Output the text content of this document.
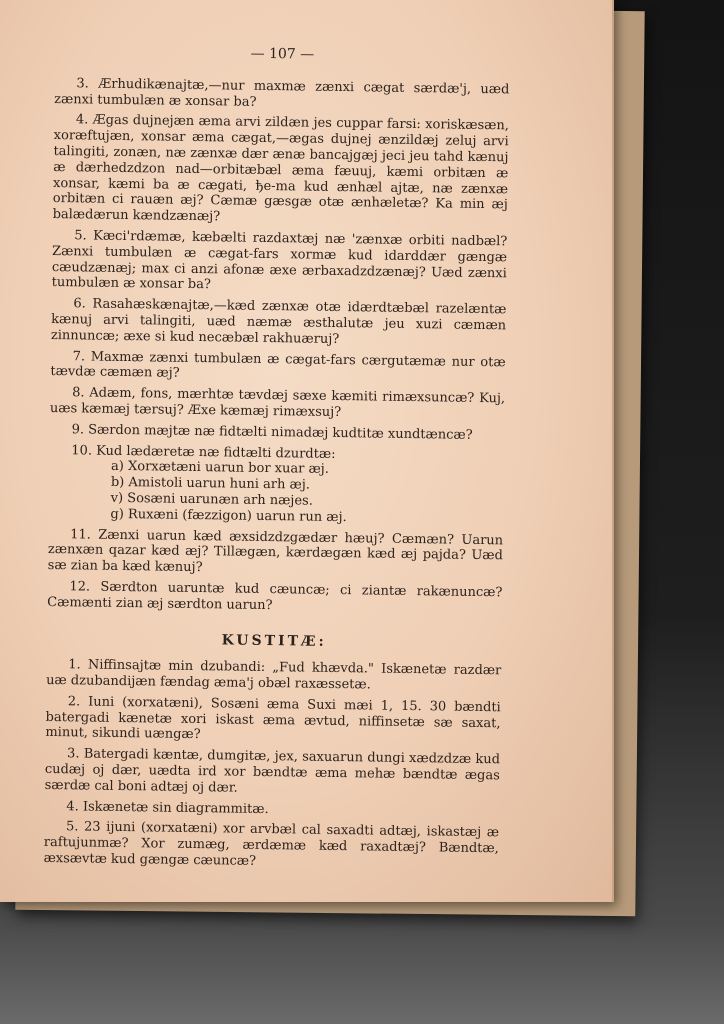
— 107 —

3. Ærhudikænajtæ,—nur maxmæ zænxi cægat særdæ'j, uæd zænxi tumbulæn æ xonsar ba?

4. Ægas dujnejæn æma arvi zildæn jes cuppar farsi: xoriskæsæn, xoræftujæn, xonsar æma cægat,—ægas dujnej ænzildæj zeluj arvi talingiti, zonæn, næ zænxæ dær ænæ bancajgæj jeci jeu tahd kænuj æ dærhedzdzon nad—orbitæbæl æma fæuuj, kæmi orbitæn æ xonsar, kæmi ba æ cægati, ђe-ma kud ænhæl ajtæ, næ zænxæ orbitæn ci rauæn æj? Cæmæ gæsgæ otæ ænhæletæ? Ka min æj balædærun kændzænæj?

5. Kæci'rdæmæ, kæbælti razdaxtæj næ 'zænxæ orbiti nadbæl? Zænxi tumbulæn æ cægat-fars xormæ kud idarddær gængæ cæudzænæj; max ci anzi afonæ æxe ærbaxadzdzænæj? Uæd zænxi tumbulæn æ xonsar ba?

6. Rasahæskænajtæ,—kæd zænxæ otæ idærdtæbæl razelæntæ kænuj arvi talingiti, uæd næmæ æsthalutæ jeu xuzi cæmæn zinnuncæ; æxe si kud necæbæl rakhuæruj?

7. Maxmæ zænxi tumbulæn æ cægat-fars cærgutæmæ nur otæ tævdæ cæmæn æj?

8. Adæm, fons, mærhtæ tævdæj sæxe kæmiti rimæxsuncæ? Kuj, uæs kæmæj tærsuj? Æxe kæmæj rimæxsuj?

9. Særdon mæjtæ næ fidtælti nimadæj kudtitæ xundtæncæ?

10. Kud lædæretæ næ fidtælti dzurdtæ:

a) Xorxætæni uarun bor xuar æj.

b) Amistoli uarun huni arh æj.

v) Sosæni uarunæn arh næjes.

g) Ruxæni (fæzzigon) uarun run æj.

11. Zænxi uarun kæd æxsidzdzgædær hæuj? Cæmæn? Uarun zænxæn qazar kæd æj? Tillægæn, kærdægæn kæd æj pajda? Uæd sæ zian ba kæd kænuj?

12. Særdton uaruntæ kud cæuncæ; ci ziantæ rakænuncæ? Cæmænti zian æj særdton uarun?

KUSTITÆ:

1. Niffinsajtæ min dzubandi: „Fud khævda." Iskænetæ razdær uæ dzubandijæn fændag æma'j obæl raxæssetæ.

2. Iuni (xorxatæni), Sosæni æma Suxi mæi 1, 15. 30 bændti batergadi kænetæ xori iskast æma ævtud, niffinsetæ sæ saxat, minut, sikundi uængæ?

3. Batergadi kæntæ, dumgitæ, jex, saxuarun dungi xædzdzæ kud cudæj oj dær, uædta ird xor bændtæ æma mehæ bændtæ ægas særdæ cal boni adtæj oj dær.

4. Iskænetæ sin diagrammitæ.

5. 23 ijuni (xorxatæni) xor arvbæl cal saxadti adtæj, iskastæj æ raftujunmæ? Xor zumæg, ærdæmæ kæd raxadtæj? Bændtæ, æxsævtæ kud gængæ cæuncæ?
